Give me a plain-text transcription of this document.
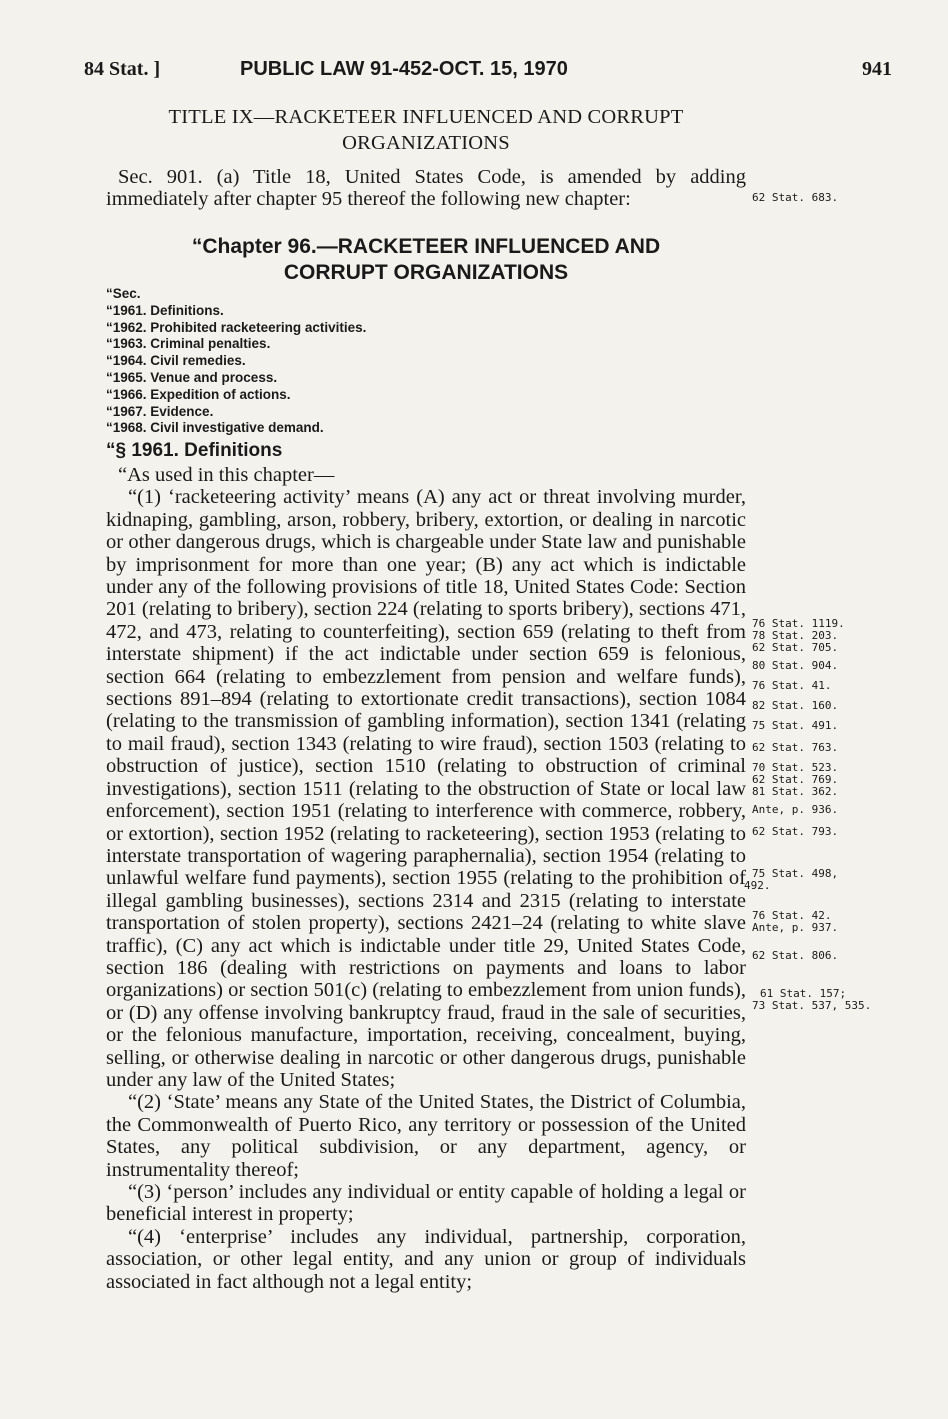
84 Stat. ]	PUBLIC LAW 91-452-OCT. 15, 1970	941
TITLE IX—RACKETEER INFLUENCED AND CORRUPT
ORGANIZATIONS

Sec. 901. (a) Title 18, United States Code, is amended by adding immediately after chapter 95 thereof the following new chapter:

“Chapter 96.—RACKETEER INFLUENCED AND
CORRUPT ORGANIZATIONS
“Sec.
“1961. Definitions.
“1962. Prohibited racketeering activities.
“1963. Criminal penalties.
“1964. Civil remedies.
“1965. Venue and process.
“1966. Expedition of actions.
“1967. Evidence.
“1968. Civil investigative demand.
“§ 1961. Definitions

“As used in this chapter—

“(1) ‘racketeering activity’ means (A) any act or threat involving murder, kidnaping, gambling, arson, robbery, bribery, extortion, or dealing in narcotic or other dangerous drugs, which is chargeable under State law and punishable by imprisonment for more than one year; (B) any act which is indictable under any of the following provisions of title 18, United States Code: Section 201 (relating to bribery), section 224 (relating to sports bribery), sections 471, 472, and 473, relating to counterfeiting), section 659 (relating to theft from interstate shipment) if the act indictable under section 659 is felonious, section 664 (relating to embezzlement from pension and welfare funds), sections 891–894 (relating to extortionate credit transactions), section 1084 (relating to the transmission of gambling information), section 1341 (relating to mail fraud), section 1343 (relating to wire fraud), section 1503 (relating to obstruction of justice), section 1510 (relating to obstruction of criminal investigations), section 1511 (relating to the obstruction of State or local law enforcement), section 1951 (relating to interference with commerce, robbery, or extortion), section 1952 (relating to racketeering), section 1953 (relating to interstate transportation of wagering paraphernalia), section 1954 (relating to unlawful welfare fund payments), section 1955 (relating to the prohibition of illegal gambling businesses), sections 2314 and 2315 (relating to interstate transportation of stolen property), sections 2421–24 (relating to white slave traffic), (C) any act which is indictable under title 29, United States Code, section 186 (dealing with restrictions on payments and loans to labor organizations) or section 501(c) (relating to embezzlement from union funds), or (D) any offense involving bankruptcy fraud, fraud in the sale of securities, or the felonious manufacture, importation, receiving, concealment, buying, selling, or otherwise dealing in narcotic or other dangerous drugs, punishable under any law of the United States;

“(2) ‘State’ means any State of the United States, the District of Columbia, the Commonwealth of Puerto Rico, any territory or possession of the United States, any political subdivision, or any department, agency, or instrumentality thereof;

“(3) ‘person’ includes any individual or entity capable of holding a legal or beneficial interest in property;

“(4) ‘enterprise’ includes any individual, partnership, corporation, association, or other legal entity, and any union or group of individuals associated in fact although not a legal entity;

62 Stat. 683.
76 Stat. 1119.
78 Stat. 203.
62 Stat. 705.
80 Stat. 904.
76 Stat. 41.
82 Stat. 160.
75 Stat. 491.
62 Stat. 763.
70 Stat. 523.
62 Stat. 769.
81 Stat. 362.
Ante, p. 936.
62 Stat. 793.
75 Stat. 498,
492.
76 Stat. 42.
Ante, p. 937.
62 Stat. 806.
61 Stat. 157;
73 Stat. 537, 535.
